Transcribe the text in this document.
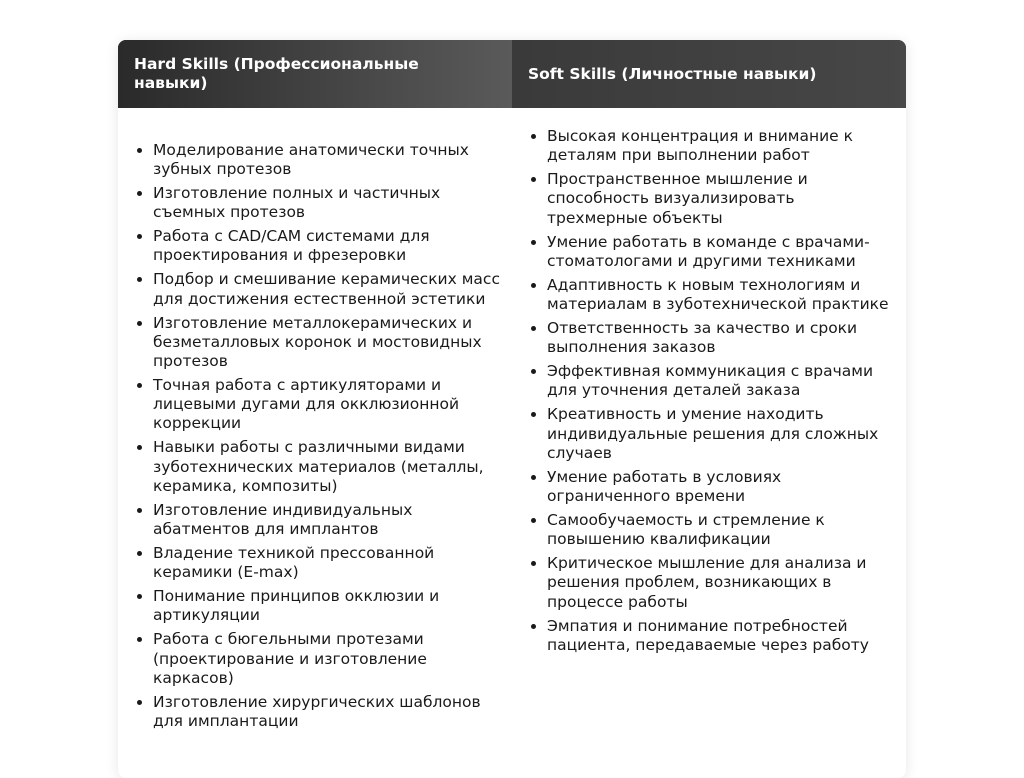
Hard Skills (Профессиональные навыки)
Soft Skills (Личностные навыки)
• Моделирование анатомически точных зубных протезов
• Изготовление полных и частичных съемных протезов
• Работа с CAD/CAM системами для проектирования и фрезеровки
• Подбор и смешивание керамических масс для достижения естественной эстетики
• Изготовление металлокерамических и безметалловых коронок и мостовидных протезов
• Точная работа с артикуляторами и лицевыми дугами для окклюзионной коррекции
• Навыки работы с различными видами зуботехнических материалов (металлы, керамика, композиты)
• Изготовление индивидуальных абатментов для имплантов
• Владение техникой прессованной керамики (E-max)
• Понимание принципов окклюзии и артикуляции
• Работа с бюгельными протезами (проектирование и изготовление каркасов)
• Изготовление хирургических шаблонов для имплантации
• Высокая концентрация и внимание к деталям при выполнении работ
• Пространственное мышление и способность визуализировать трехмерные объекты
• Умение работать в команде с врачами-стоматологами и другими техниками
• Адаптивность к новым технологиям и материалам в зуботехнической практике
• Ответственность за качество и сроки выполнения заказов
• Эффективная коммуникация с врачами для уточнения деталей заказа
• Креативность и умение находить индивидуальные решения для сложных случаев
• Умение работать в условиях ограниченного времени
• Самообучаемость и стремление к повышению квалификации
• Критическое мышление для анализа и решения проблем, возникающих в процессе работы
• Эмпатия и понимание потребностей пациента, передаваемые через работу
